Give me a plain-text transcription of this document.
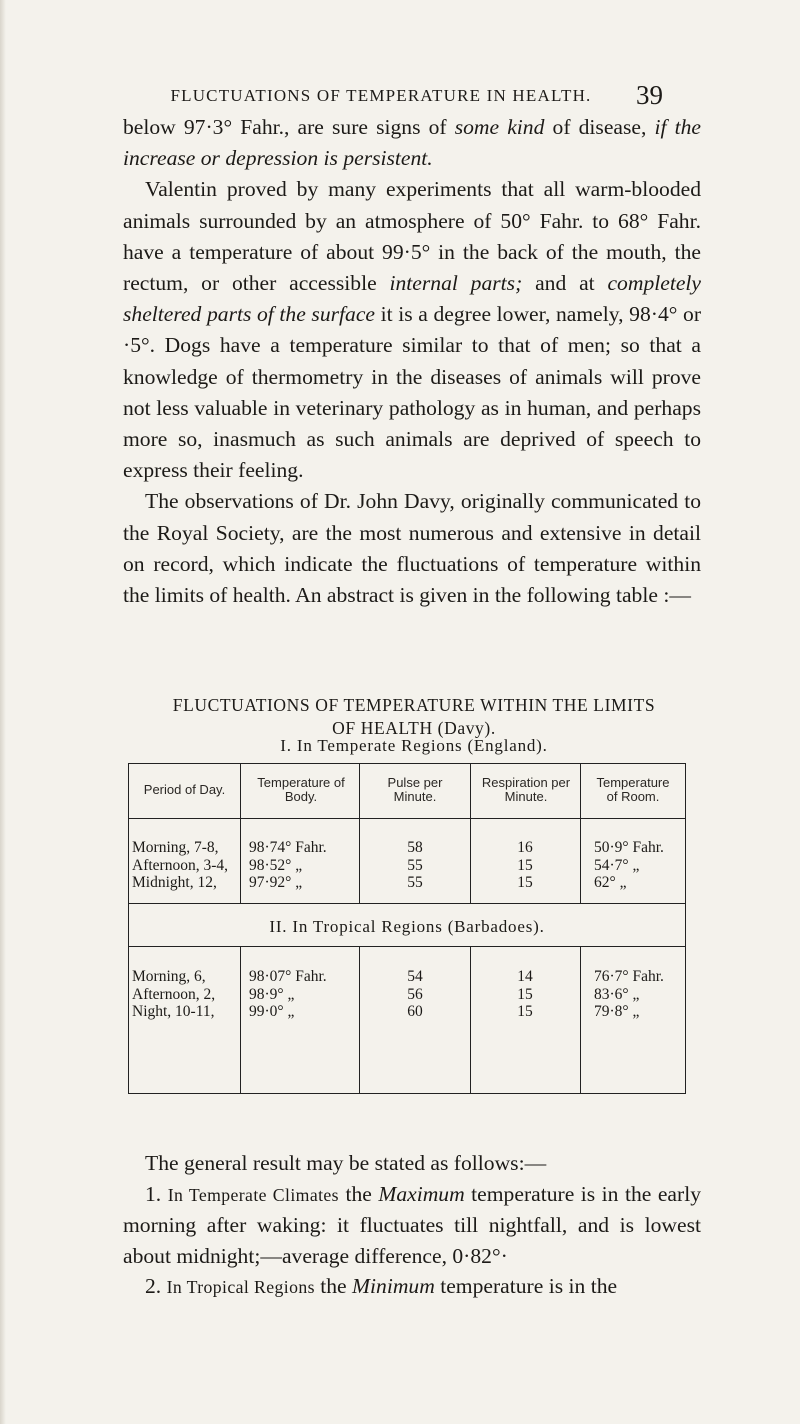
FLUCTUATIONS OF TEMPERATURE IN HEALTH.	39

below 97·3° Fahr., are sure signs of some kind of disease, if the increase or depression is persistent.

Valentin proved by many experiments that all warm-blooded animals surrounded by an atmosphere of 50° Fahr. to 68° Fahr. have a temperature of about 99·5° in the back of the mouth, the rectum, or other accessible internal parts; and at completely sheltered parts of the surface it is a degree lower, namely, 98·4° or ·5°. Dogs have a temperature similar to that of men; so that a knowledge of thermometry in the diseases of animals will prove not less valuable in veterinary pathology as in human, and perhaps more so, inasmuch as such animals are deprived of speech to express their feeling.

The observations of Dr. John Davy, originally communicated to the Royal Society, are the most numerous and extensive in detail on record, which indicate the fluctuations of temperature within the limits of health. An abstract is given in the following table :—

FLUCTUATIONS OF TEMPERATURE WITHIN THE LIMITS
OF HEALTH (Davy).
I. In Temperate Regions (England).
Period of Day.	Temperature of Body.
Pulse per Minute.
Respiration per Minute.
Temperature of Room.
Morning, 7-8,
Afternoon, 3-4,
Midnight, 12,
98·74° Fahr.
98·52° „
97·92° „
58
55
55
16
15
15
50·9° Fahr.
54·7° „
62° „
II. In Tropical Regions (Barbadoes).
Morning, 6,
Afternoon, 2,
Night, 10-11,
98·07° Fahr.
98·9° „
99·0° „
54
56
60
14
15
15
76·7° Fahr.
83·6° „
79·8° „

The general result may be stated as follows:—

1. In Temperate Climates the Maximum temperature is in the early morning after waking: it fluctuates till nightfall, and is lowest about midnight;—average difference, 0·82°·

2. In Tropical Regions the Minimum temperature is in the
